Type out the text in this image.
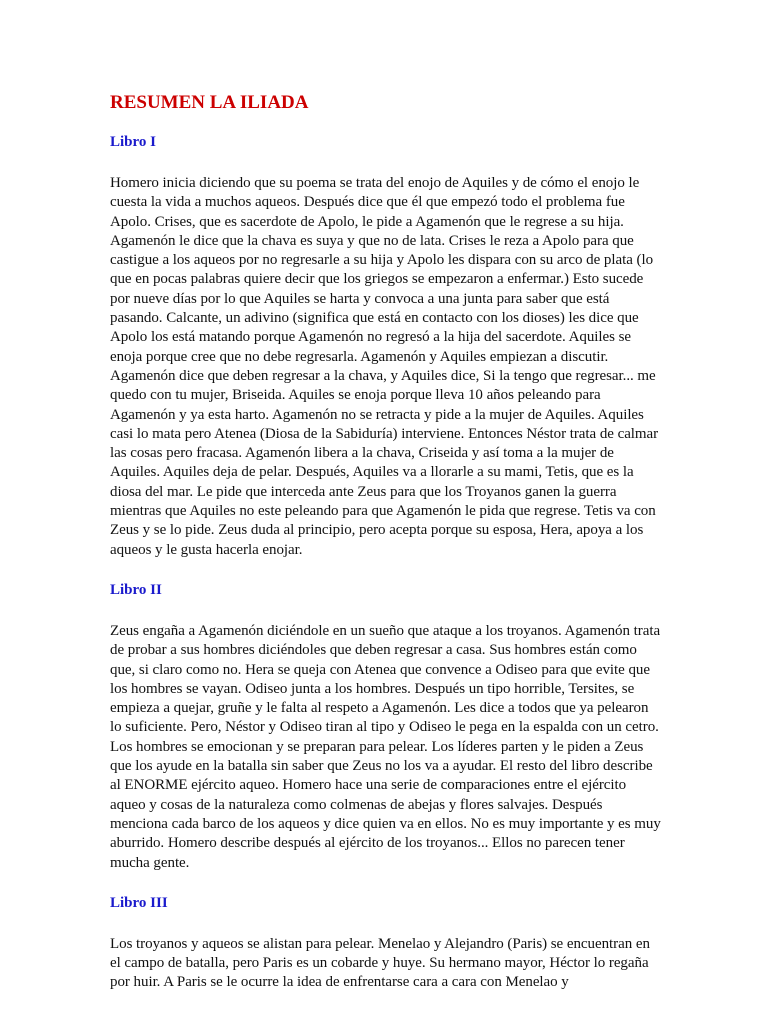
RESUMEN LA ILIADA
Libro I

Homero inicia diciendo que su poema se trata del enojo de Aquiles y de cómo el enojo le cuesta la vida a muchos aqueos. Después dice que él que empezó todo el problema fue Apolo. Crises, que es sacerdote de Apolo, le pide a Agamenón que le regrese a su hija. Agamenón le dice que la chava es suya y que no de lata. Crises le reza a Apolo para que castigue a los aqueos por no regresarle a su hija y Apolo les dispara con su arco de plata (lo que en pocas palabras quiere decir que los griegos se empezaron a enfermar.) Esto sucede por nueve días por lo que Aquiles se harta y convoca a una junta para saber que está pasando. Calcante, un adivino (significa que está en contacto con los dioses) les dice que Apolo los está matando porque Agamenón no regresó a la hija del sacerdote. Aquiles se enoja porque cree que no debe regresarla. Agamenón y Aquiles empiezan a discutir. Agamenón dice que deben regresar a la chava, y Aquiles dice, Si la tengo que regresar... me quedo con tu mujer, Briseida. Aquiles se enoja porque lleva 10 años peleando para Agamenón y ya esta harto. Agamenón no se retracta y pide a la mujer de Aquiles. Aquiles casi lo mata pero Atenea (Diosa de la Sabiduría) interviene. Entonces Néstor trata de calmar las cosas pero fracasa. Agamenón libera a la chava, Criseida y así toma a la mujer de Aquiles. Aquiles deja de pelar. Después, Aquiles va a llorarle a su mami, Tetis, que es la diosa del mar. Le pide que interceda ante Zeus para que los Troyanos ganen la guerra mientras que Aquiles no este peleando para que Agamenón le pida que regrese. Tetis va con Zeus y se lo pide. Zeus duda al principio, pero acepta porque su esposa, Hera, apoya a los aqueos y le gusta hacerla enojar.

Libro II

Zeus engaña a Agamenón diciéndole en un sueño que ataque a los troyanos. Agamenón trata de probar a sus hombres diciéndoles que deben regresar a casa. Sus hombres están como que, si claro como no. Hera se queja con Atenea que convence a Odiseo para que evite que los hombres se vayan. Odiseo junta a los hombres. Después un tipo horrible, Tersites, se empieza a quejar, gruñe y le falta al respeto a Agamenón. Les dice a todos que ya pelearon lo suficiente. Pero, Néstor y Odiseo tiran al tipo y Odiseo le pega en la espalda con un cetro. Los hombres se emocionan y se preparan para pelear. Los líderes parten y le piden a Zeus que los ayude en la batalla sin saber que Zeus no los va a ayudar. El resto del libro describe al ENORME ejército aqueo. Homero hace una serie de comparaciones entre el ejército aqueo y cosas de la naturaleza como colmenas de abejas y flores salvajes. Después menciona cada barco de los aqueos y dice quien va en ellos. No es muy importante y es muy aburrido. Homero describe después al ejército de los troyanos... Ellos no parecen tener mucha gente.

Libro III

Los troyanos y aqueos se alistan para pelear. Menelao y Alejandro (Paris) se encuentran en el campo de batalla, pero Paris es un cobarde y huye. Su hermano mayor, Héctor lo regaña por huir. A Paris se le ocurre la idea de enfrentarse cara a cara con Menelao y
